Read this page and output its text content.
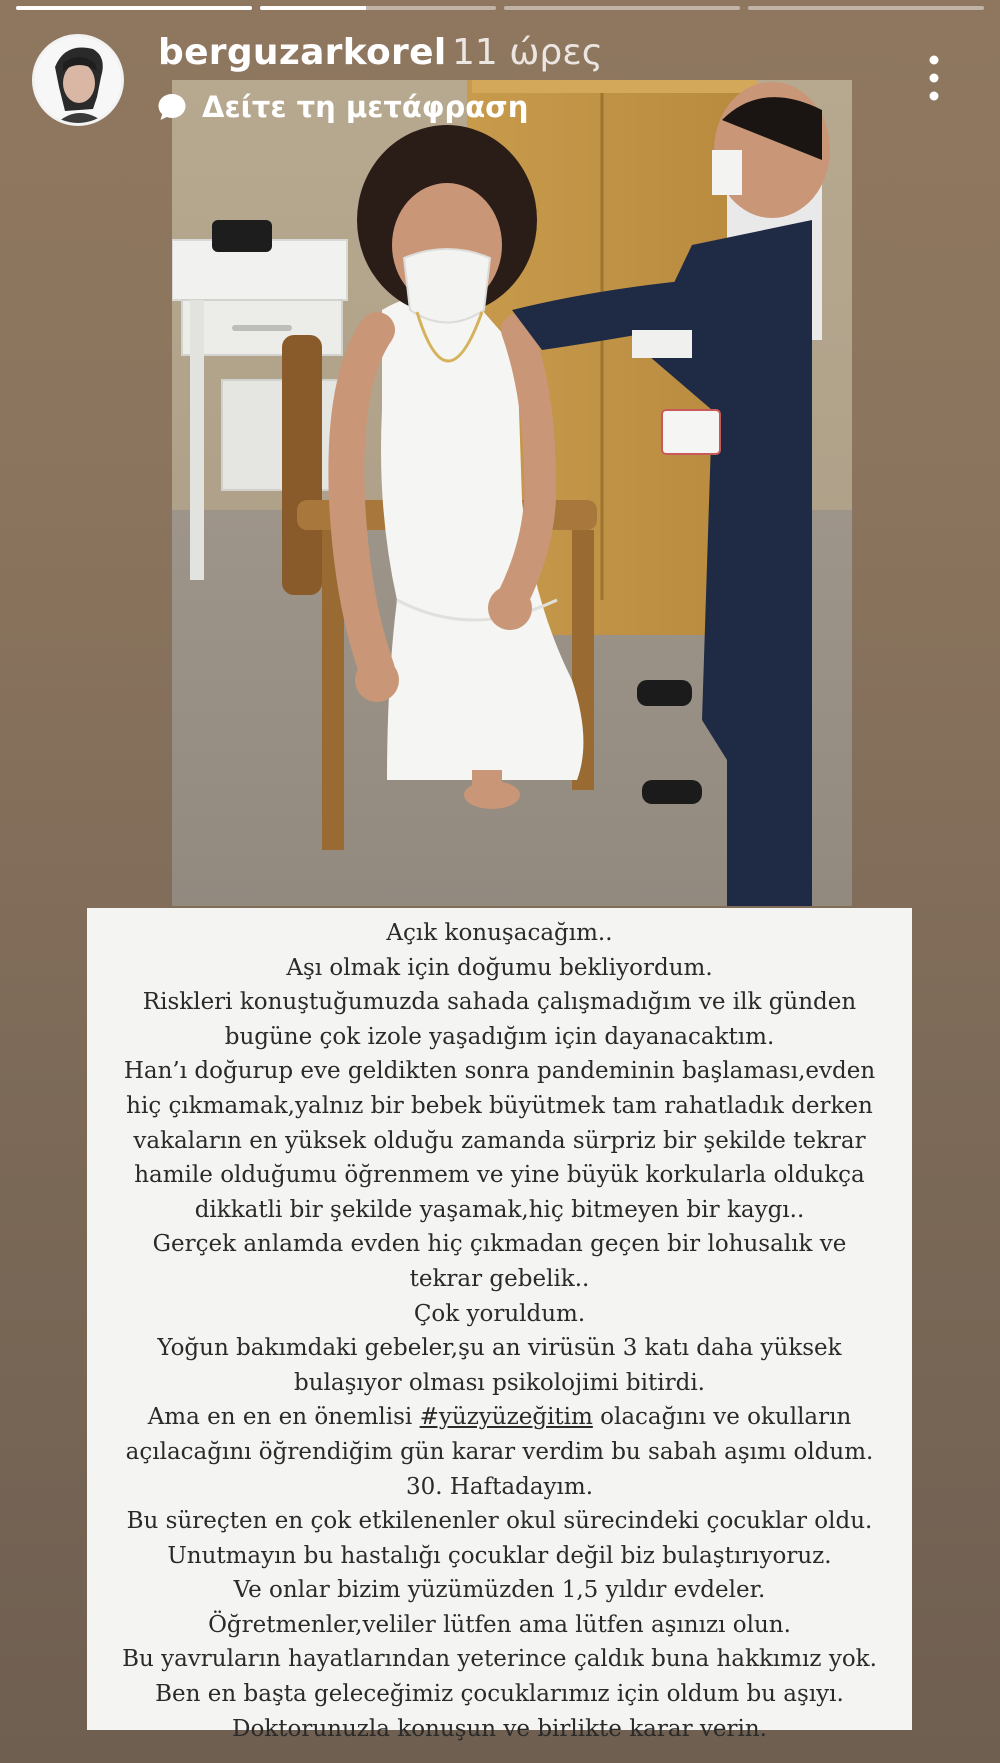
berguzarkorel 11 ώρες
Δείτε τη μετάφραση

Açık konuşacağım..

Aşı olmak için doğumu bekliyordum.

Riskleri konuştuğumuzda sahada çalışmadığım ve ilk günden

bugüne çok izole yaşadığım için dayanacaktım.

Han’ı doğurup eve geldikten sonra pandeminin başlaması,evden

hiç çıkmamak,yalnız bir bebek büyütmek tam rahatladık derken

vakaların en yüksek olduğu zamanda sürpriz bir şekilde tekrar

hamile olduğumu öğrenmem ve yine büyük korkularla oldukça

dikkatli bir şekilde yaşamak,hiç bitmeyen bir kaygı..

Gerçek anlamda evden hiç çıkmadan geçen bir lohusalık ve

tekrar gebelik..

Çok yoruldum.

Yoğun bakımdaki gebeler,şu an virüsün 3 katı daha yüksek

bulaşıyor olması psikolojimi bitirdi.

Ama en en en önemlisi #yüzyüzeğitim olacağını ve okulların

açılacağını öğrendiğim gün karar verdim bu sabah aşımı oldum.

30. Haftadayım.

Bu süreçten en çok etkilenenler okul sürecindeki çocuklar oldu.

Unutmayın bu hastalığı çocuklar değil biz bulaştırıyoruz.

Ve onlar bizim yüzümüzden 1,5 yıldır evdeler.

Öğretmenler,veliler lütfen ama lütfen aşınızı olun.

Bu yavruların hayatlarından yeterince çaldık buna hakkımız yok.

Ben en başta geleceğimiz çocuklarımız için oldum bu aşıyı.

Doktorunuzla konuşun ve birlikte karar verin.
